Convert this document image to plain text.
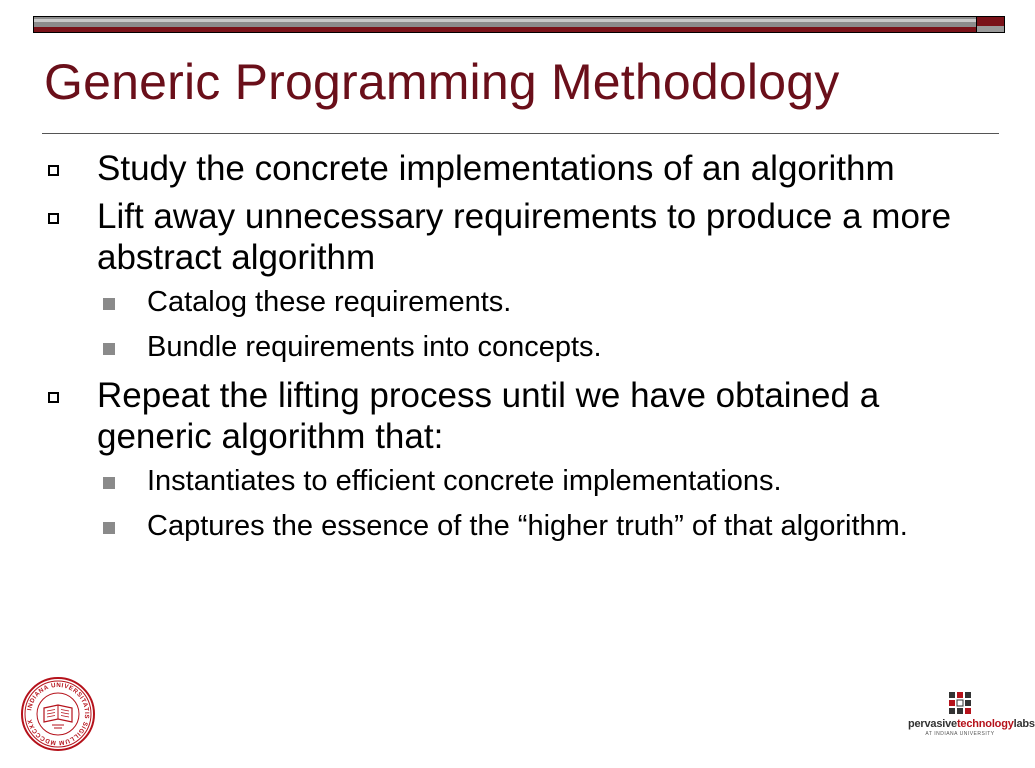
Generic Programming Methodology
Study the concrete implementations of an algorithm
Lift away unnecessary requirements to produce a more abstract algorithm
Catalog these requirements.
Bundle requirements into concepts.
Repeat the lifting process until we have obtained a generic algorithm that:
Instantiates to efficient concrete implementations.
Captures the essence of the “higher truth” of that algorithm.
INDIANA UNIVERSITATIS SIGILLUM MDCCCXX	pervasivetechnologylabs
AT INDIANA UNIVERSITY
